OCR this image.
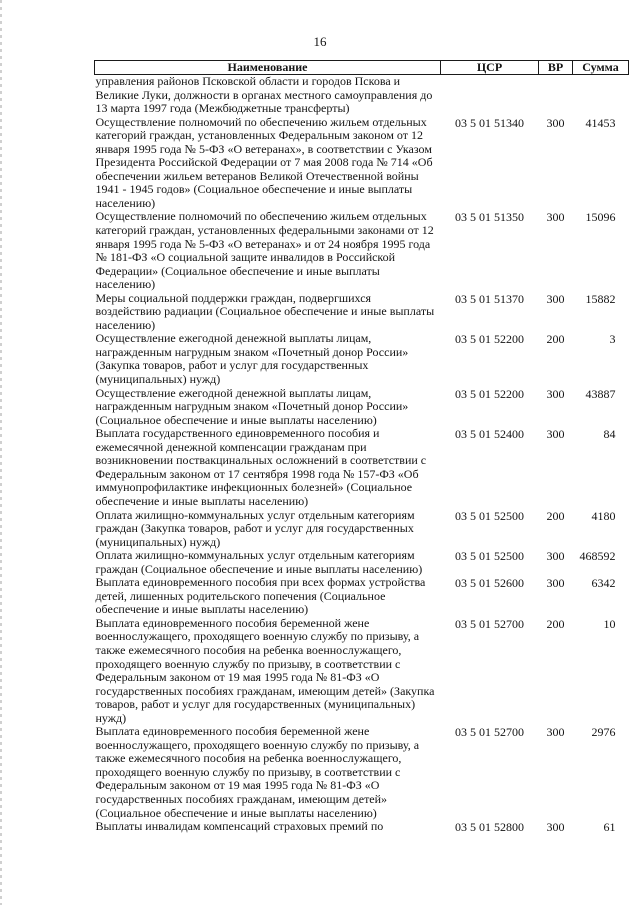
16
Наименование	ЦСР	ВР	Сумма
управления районов Псковской области и городов Пскова и Великие Луки, должности в органах местного самоуправления до 13 марта 1997 года (Межбюджетные трансферты)			
Осуществление полномочий по обеспечению жильем отдельных категорий граждан, установленных Федеральным законом от 12 января 1995 года № 5-ФЗ «О ветеранах», в соответствии с Указом Президента Российской Федерации от 7 мая 2008 года № 714 «Об обеспечении жильем ветеранов Великой Отечественной войны 1941 - 1945 годов» (Социальное обеспечение и иные выплаты населению)	03 5 01 51340	300	41453
Осуществление полномочий по обеспечению жильем отдельных категорий граждан, установленных федеральными законами от 12 января 1995 года № 5-ФЗ «О ветеранах» и от 24 ноября 1995 года № 181-ФЗ «О социальной защите инвалидов в Российской Федерации» (Социальное обеспечение и иные выплаты населению)	03 5 01 51350	300	15096
Меры социальной поддержки граждан, подвергшихся воздействию радиации (Социальное обеспечение и иные выплаты населению)	03 5 01 51370	300	15882
Осуществление ежегодной денежной выплаты лицам, награжденным нагрудным знаком «Почетный донор России» (Закупка товаров, работ и услуг для государственных (муниципальных) нужд)	03 5 01 52200	200	3
Осуществление ежегодной денежной выплаты лицам, награжденным нагрудным знаком «Почетный донор России» (Социальное обеспечение и иные выплаты населению)	03 5 01 52200	300	43887
Выплата государственного единовременного пособия и ежемесячной денежной компенсации гражданам при возникновении поствакцинальных осложнений в соответствии с Федеральным законом от 17 сентября 1998 года № 157-ФЗ «Об иммунопрофилактике инфекционных болезней» (Социальное обеспечение и иные выплаты населению)	03 5 01 52400	300	84
Оплата жилищно-коммунальных услуг отдельным категориям граждан (Закупка товаров, работ и услуг для государственных (муниципальных) нужд)	03 5 01 52500	200	4180
Оплата жилищно-коммунальных услуг отдельным категориям граждан (Социальное обеспечение и иные выплаты населению)	03 5 01 52500	300	468592
Выплата единовременного пособия при всех формах устройства детей, лишенных родительского попечения (Социальное обеспечение и иные выплаты населению)	03 5 01 52600	300	6342
Выплата единовременного пособия беременной жене военнослужащего, проходящего военную службу по призыву, а также ежемесячного пособия на ребенка военнослужащего, проходящего военную службу по призыву, в соответствии с Федеральным законом от 19 мая 1995 года № 81-ФЗ «О государственных пособиях гражданам, имеющим детей» (Закупка товаров, работ и услуг для государственных (муниципальных) нужд)	03 5 01 52700	200	10
Выплата единовременного пособия беременной жене военнослужащего, проходящего военную службу по призыву, а также ежемесячного пособия на ребенка военнослужащего, проходящего военную службу по призыву, в соответствии с Федеральным законом от 19 мая 1995 года № 81-ФЗ «О государственных пособиях гражданам, имеющим детей» (Социальное обеспечение и иные выплаты населению)	03 5 01 52700	300	2976
Выплаты инвалидам компенсаций страховых премий по	03 5 01 52800	300	61
